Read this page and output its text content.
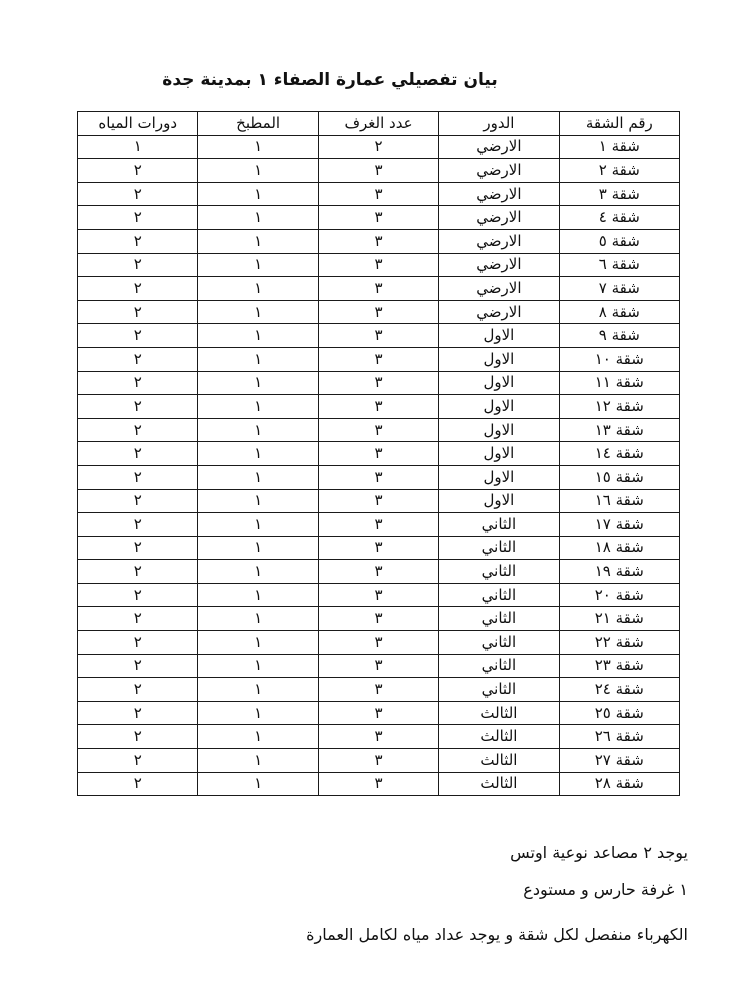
بيان تفصيلي عمارة الصفاء ١ بمدينة جدة
رقم الشقة	الدور	عدد الغرف	المطبخ	دورات المياه
شقة ١	الارضي	٢	١	١
شقة ٢	الارضي	٣	١	٢
شقة ٣	الارضي	٣	١	٢
شقة ٤	الارضي	٣	١	٢
شقة ٥	الارضي	٣	١	٢
شقة ٦	الارضي	٣	١	٢
شقة ٧	الارضي	٣	١	٢
شقة ٨	الارضي	٣	١	٢
شقة ٩	الاول	٣	١	٢
شقة ١٠	الاول	٣	١	٢
شقة ١١	الاول	٣	١	٢
شقة ١٢	الاول	٣	١	٢
شقة ١٣	الاول	٣	١	٢
شقة ١٤	الاول	٣	١	٢
شقة ١٥	الاول	٣	١	٢
شقة ١٦	الاول	٣	١	٢
شقة ١٧	الثاني	٣	١	٢
شقة ١٨	الثاني	٣	١	٢
شقة ١٩	الثاني	٣	١	٢
شقة ٢٠	الثاني	٣	١	٢
شقة ٢١	الثاني	٣	١	٢
شقة ٢٢	الثاني	٣	١	٢
شقة ٢٣	الثاني	٣	١	٢
شقة ٢٤	الثاني	٣	١	٢
شقة ٢٥	الثالث	٣	١	٢
شقة ٢٦	الثالث	٣	١	٢
شقة ٢٧	الثالث	٣	١	٢
شقة ٢٨	الثالث	٣	١	٢

يوجد ٢ مصاعد نوعية اوتس

١ غرفة حارس و مستودع

الكهرباء منفصل لكل شقة و يوجد عداد مياه لكامل العمارة
